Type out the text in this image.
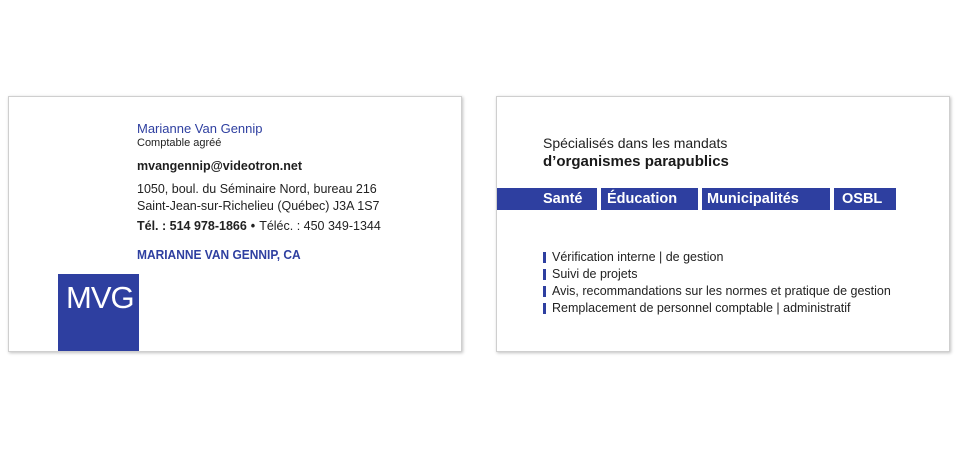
Marianne Van Gennip
Comptable agréé
mvangennip@videotron.net
1050, boul. du Séminaire Nord, bureau 216
Saint-Jean-sur-Richelieu (Québec) J3A 1S7
Tél. : 514 978-1866 • Téléc. : 450 349-1344
MARIANNE VAN GENNIP, CA
MVG
Spécialisés dans les mandats
d’organismes parapublics
Santé	Éducation	Municipalités	OSBL
Vérification interne | de gestion
Suivi de projets
Avis, recommandations sur les normes et pratique de gestion
Remplacement de personnel comptable | administratif
